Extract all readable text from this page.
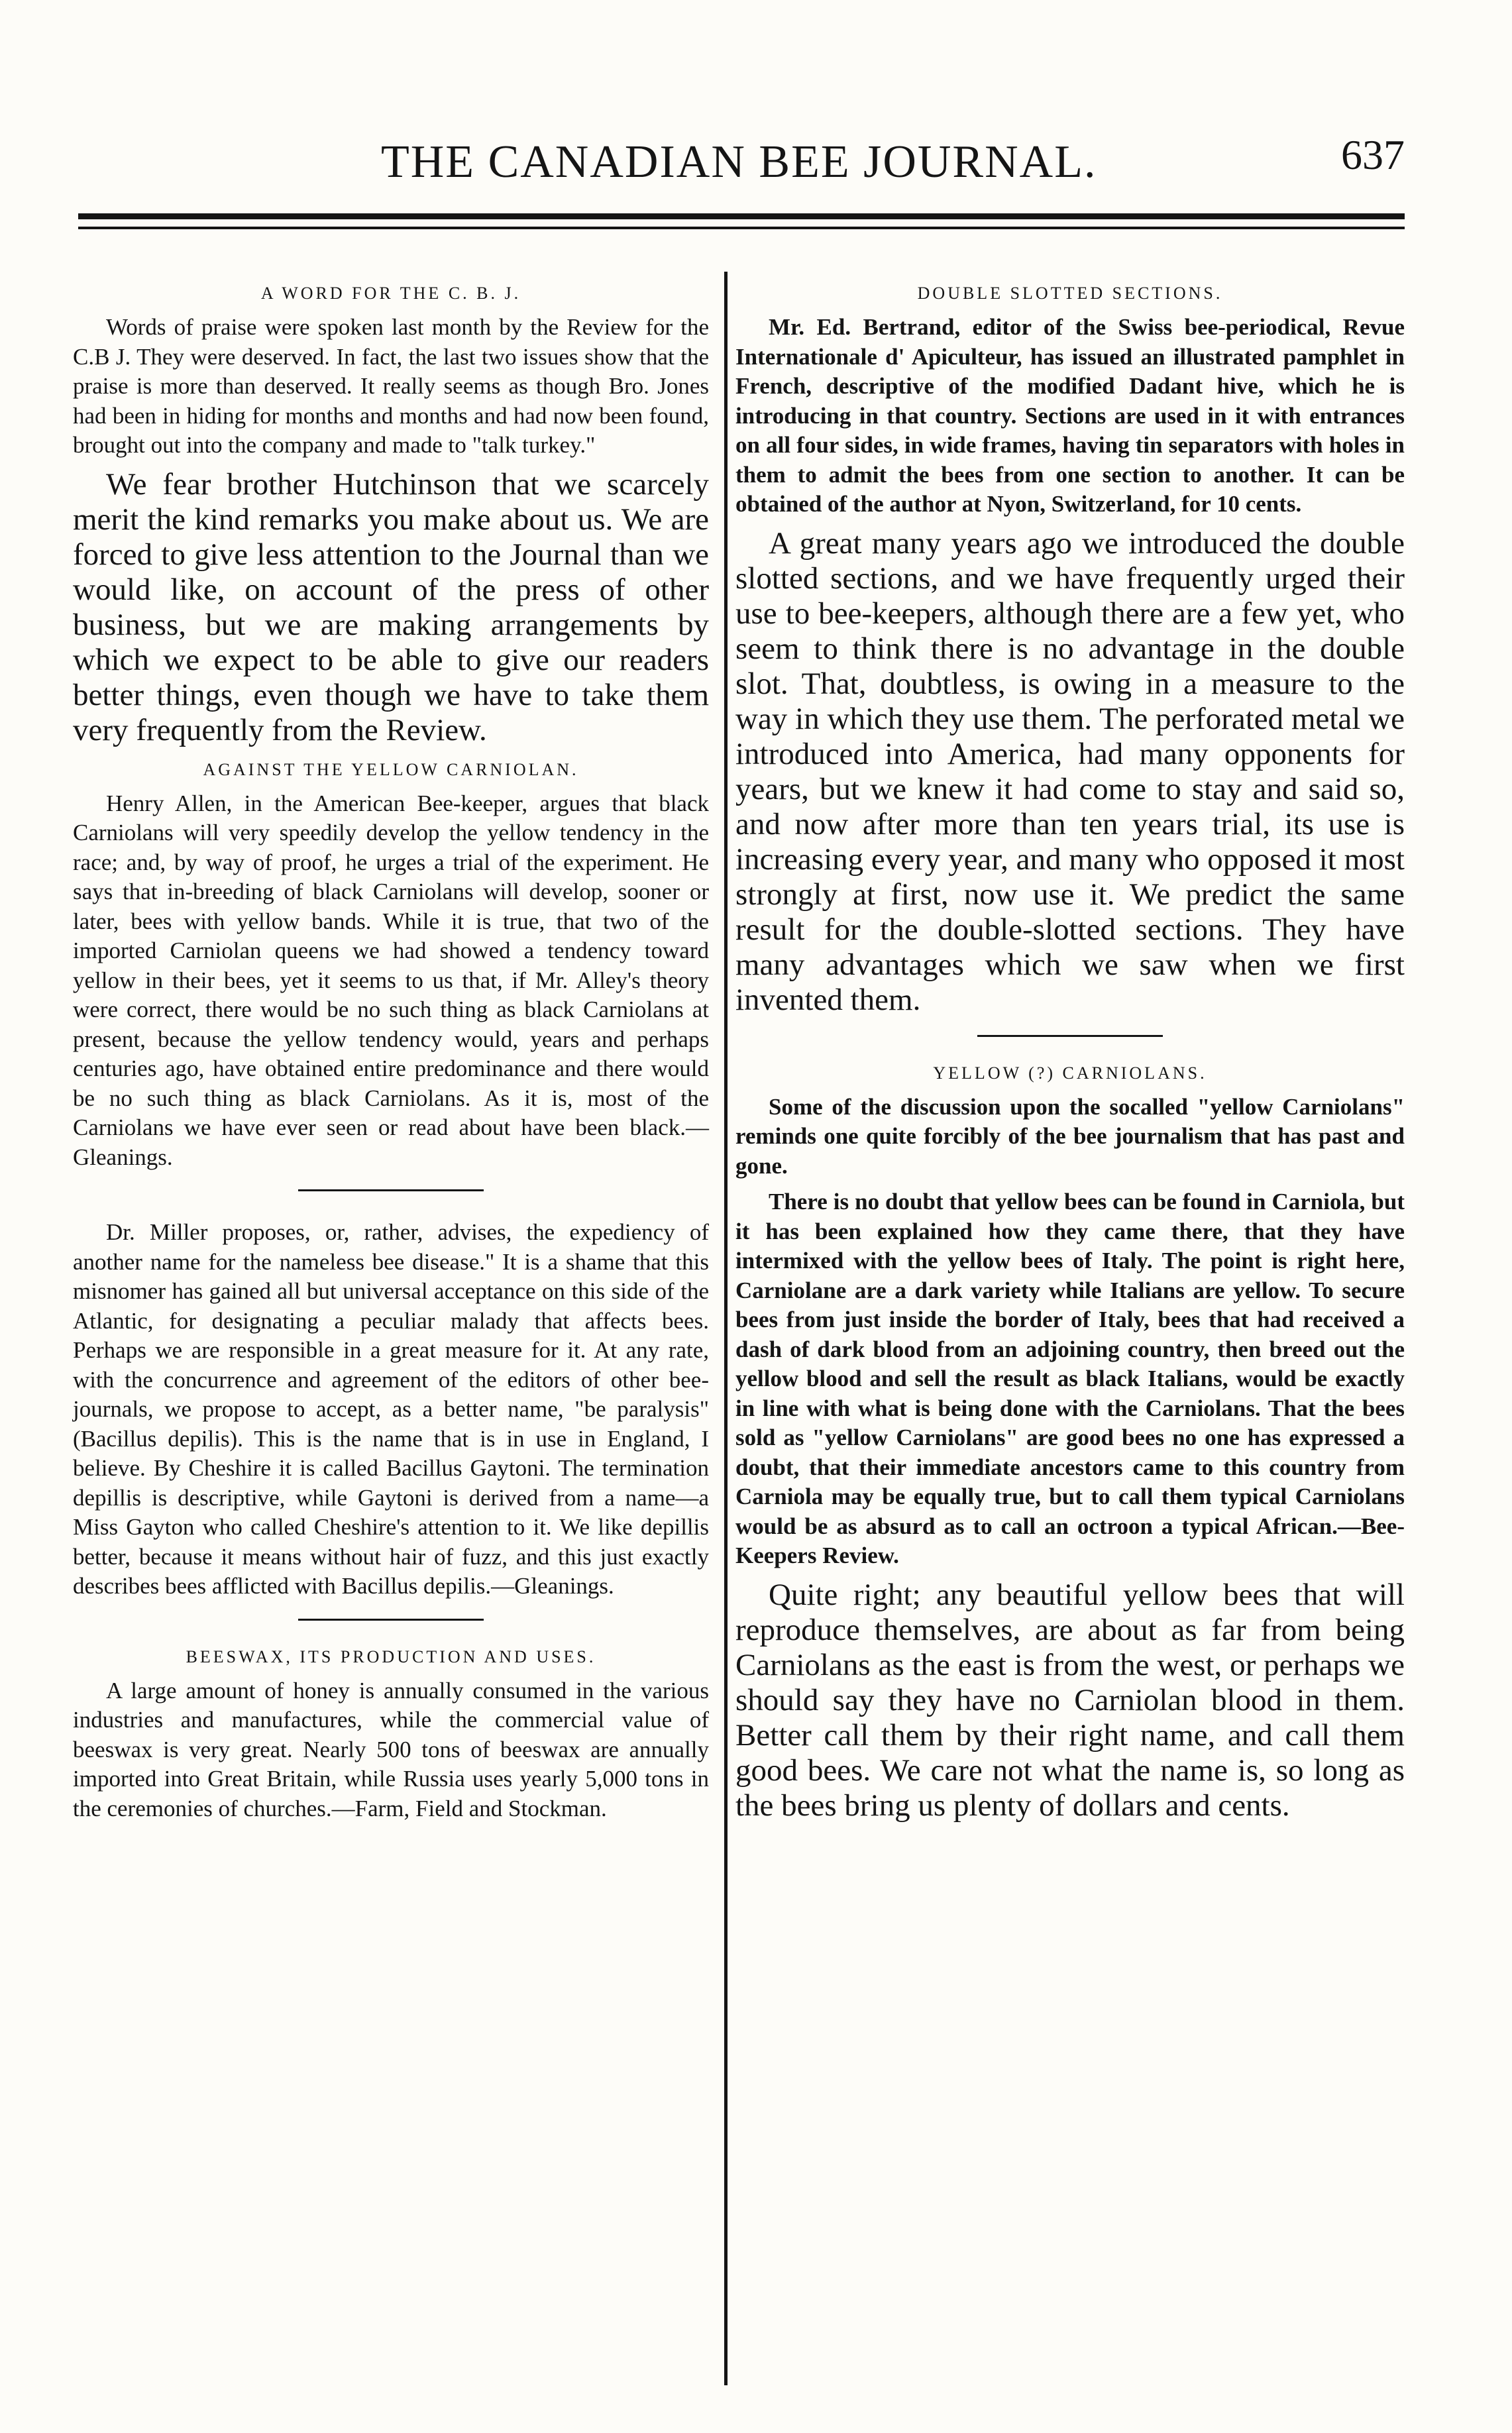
THE CANADIAN BEE JOURNAL.	637
A WORD FOR THE C. B. J.

Words of praise were spoken last month by the Review for the C.B J. They were deserved. In fact, the last two issues show that the praise is more than deserved. It really seems as though Bro. Jones had been in hiding for months and months and had now been found, brought out into the company and made to "talk turkey."

We fear brother Hutchinson that we scarcely merit the kind remarks you make about us. We are forced to give less attention to the Journal than we would like, on account of the press of other business, but we are making arrangements by which we expect to be able to give our readers better things, even though we have to take them very frequently from the Review.

AGAINST THE YELLOW CARNIOLAN.

Henry Allen, in the American Bee-keeper, argues that black Carniolans will very speedily develop the yellow tendency in the race; and, by way of proof, he urges a trial of the experiment. He says that in-breeding of black Carniolans will develop, sooner or later, bees with yellow bands. While it is true, that two of the imported Carniolan queens we had showed a tendency toward yellow in their bees, yet it seems to us that, if Mr. Alley's theory were correct, there would be no such thing as black Carniolans at present, because the yellow tendency would, years and perhaps centuries ago, have obtained entire predominance and there would be no such thing as black Carniolans. As it is, most of the Carniolans we have ever seen or read about have been black.—Gleanings.

Dr. Miller proposes, or, rather, advises, the expediency of another name for the nameless bee disease." It is a shame that this misnomer has gained all but universal acceptance on this side of the Atlantic, for designating a peculiar malady that affects bees. Perhaps we are responsible in a great measure for it. At any rate, with the concurrence and agreement of the editors of other bee-journals, we propose to accept, as a better name, "be paralysis" (Bacillus depilis). This is the name that is in use in England, I believe. By Cheshire it is called Bacillus Gaytoni. The termination depillis is descriptive, while Gaytoni is derived from a name—a Miss Gayton who called Cheshire's attention to it. We like depillis better, because it means without hair of fuzz, and this just exactly describes bees afflicted with Bacillus depilis.—Gleanings.

BEESWAX, ITS PRODUCTION AND USES.

A large amount of honey is annually consumed in the various industries and manufactures, while the commercial value of beeswax is very great. Nearly 500 tons of beeswax are annually imported into Great Britain, while Russia uses yearly 5,000 tons in the ceremonies of churches.—Farm, Field and Stockman.

DOUBLE SLOTTED SECTIONS.

Mr. Ed. Bertrand, editor of the Swiss bee-periodical, Revue Internationale d' Apiculteur, has issued an illustrated pamphlet in French, descriptive of the modified Dadant hive, which he is introducing in that country. Sections are used in it with entrances on all four sides, in wide frames, having tin separators with holes in them to admit the bees from one section to another. It can be obtained of the author at Nyon, Switzerland, for 10 cents.

A great many years ago we introduced the double slotted sections, and we have frequently urged their use to bee-keepers, although there are a few yet, who seem to think there is no advantage in the double slot. That, doubtless, is owing in a measure to the way in which they use them. The perforated metal we introduced into America, had many opponents for years, but we knew it had come to stay and said so, and now after more than ten years trial, its use is increasing every year, and many who opposed it most strongly at first, now use it. We predict the same result for the double-slotted sections. They have many advantages which we saw when we first invented them.

YELLOW (?) CARNIOLANS.

Some of the discussion upon the socalled "yellow Carniolans" reminds one quite forcibly of the bee journalism that has past and gone.

There is no doubt that yellow bees can be found in Carniola, but it has been explained how they came there, that they have intermixed with the yellow bees of Italy. The point is right here, Carniolane are a dark variety while Italians are yellow. To secure bees from just inside the border of Italy, bees that had received a dash of dark blood from an adjoining country, then breed out the yellow blood and sell the result as black Italians, would be exactly in line with what is being done with the Carniolans. That the bees sold as "yellow Carniolans" are good bees no one has expressed a doubt, that their immediate ancestors came to this country from Carniola may be equally true, but to call them typical Carniolans would be as absurd as to call an octroon a typical African.—Bee-Keepers Review.

Quite right; any beautiful yellow bees that will reproduce themselves, are about as far from being Carniolans as the east is from the west, or perhaps we should say they have no Carniolan blood in them. Better call them by their right name, and call them good bees. We care not what the name is, so long as the bees bring us plenty of dollars and cents.
